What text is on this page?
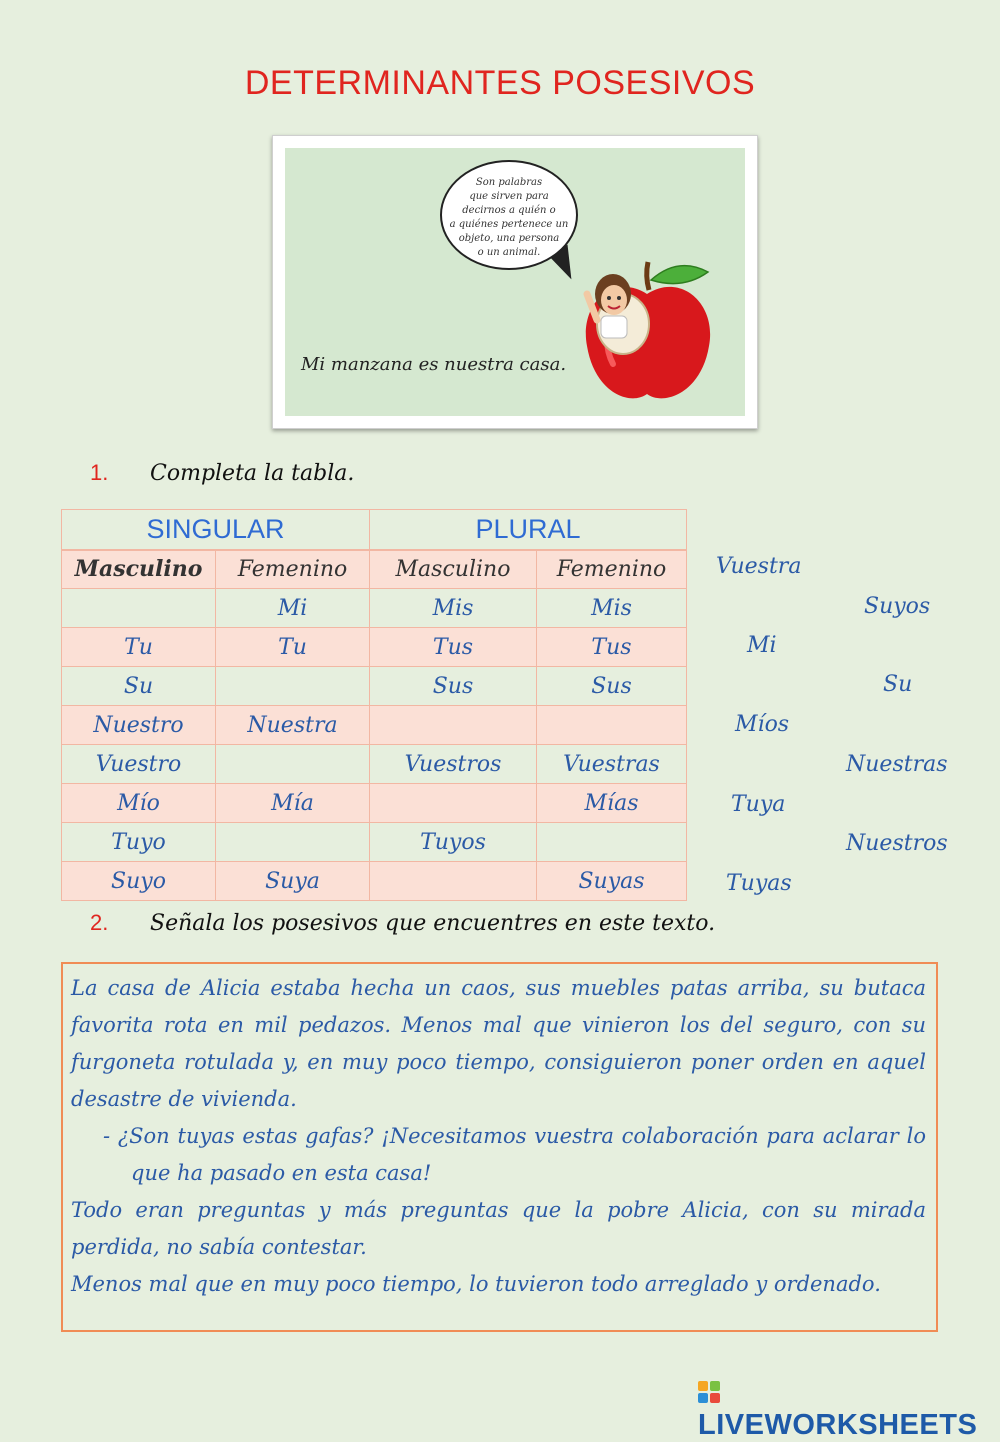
DETERMINANTES POSESIVOS
Son palabras
que sirven para
decirnos a quién o
a quiénes pertenece un
objeto, una persona
o un animal.
Mi manzana es nuestra casa.
1. Completa la tabla.
SINGULAR		PLURAL	
Masculino	Femenino	Masculino	Femenino
	Mi	Mis	Mis
Tu	Tu	Tus	Tus
Su		Sus	Sus
Nuestro	Nuestra		
Vuestro		Vuestros	Vuestras
Mío	Mía		Mías
Tuyo		Tuyos	
Suyo	Suya		Suyas
Vuestra
Suyos
Mi
Su
Míos
Nuestras
Tuya
Nuestros
Tuyas
2. Señala los posesivos que encuentres en este texto.

La casa de Alicia estaba hecha un caos, sus muebles patas arriba, su butaca favorita rota en mil pedazos. Menos mal que vinieron los del seguro, con su furgoneta rotulada y, en muy poco tiempo, consiguieron poner orden en aquel desastre de vivienda.

- ¿Son tuyas estas gafas? ¡Necesitamos vuestra colaboración para aclarar lo que ha pasado en esta casa!

Todo eran preguntas y más preguntas que la pobre Alicia, con su mirada perdida, no sabía contestar.

Menos mal que en muy poco tiempo, lo tuvieron todo arreglado y ordenado.

LIVEWORKSHEETS
